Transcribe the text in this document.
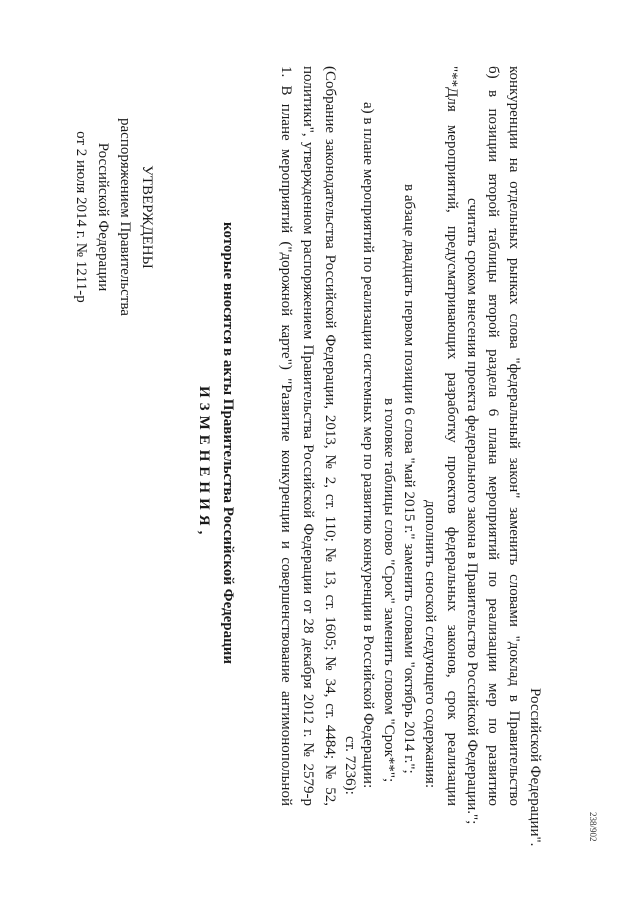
УТВЕРЖДЕНЫ
распоряжением Правительства
Российской Федерации
от 2 июля 2014 г. № 1211-р
ИЗМЕНЕНИЯ, которые вносятся в акты Правительства Российской Федерации	1. В плане мероприятий ("дорожной карте") "Развитие конкуренции и совершенствование антимонопольной политики", утвержденном распоряжением Правительства Российской Федерации от 28 декабря 2012 г. № 2579-р (Собрание законодательства Российской Федерации, 2013, № 2, ст. 110; № 13, ст. 1605; № 34, ст. 4484; № 52, ст. 7236): а) в плане мероприятий по реализации системных мер по развитию конкуренции в Российской Федерации: в головке таблицы слово "Срок" заменить словом "Срок**"; в абзаце двадцать первом позиции 6 слова "май 2015 г." заменить словами "октябрь 2014 г."; дополнить сноской следующего содержания: "**Для мероприятий, предусматривающих разработку проектов федеральных законов, срок реализации считать сроком внесения проекта федерального закона в Правительство Российской Федерации."; б) в позиции второй таблицы второй раздела 6 плана мероприятий по реализации мер по развитию конкуренции на отдельных рынках слова "федеральный закон" заменить словами "доклад в Правительство Российской Федерации".	238/902
